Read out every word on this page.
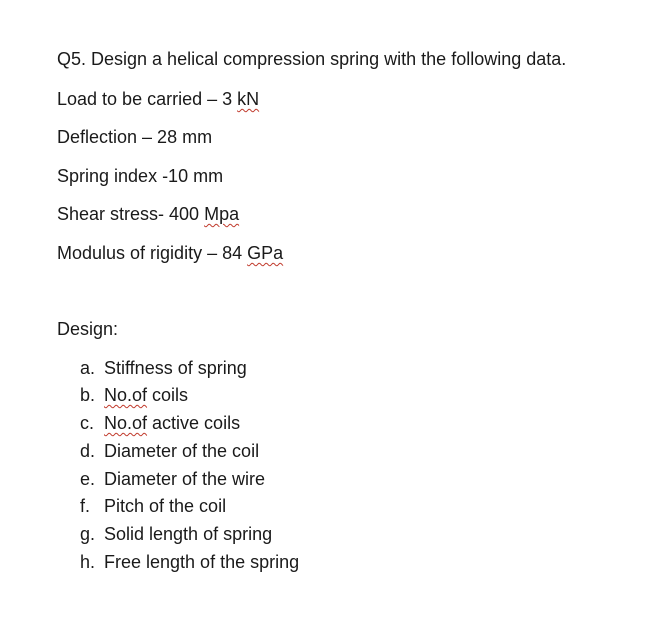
Q5. Design a helical compression spring with the following data.
Load to be carried – 3 kN
Deflection – 28 mm
Spring index -10 mm
Shear stress- 400 Mpa
Modulus of rigidity – 84 GPa
Design:
a. Stiffness of spring
b. No.of coils
c. No.of active coils
d. Diameter of the coil
e. Diameter of the wire
f. Pitch of the coil
g. Solid length of spring
h. Free length of the spring
